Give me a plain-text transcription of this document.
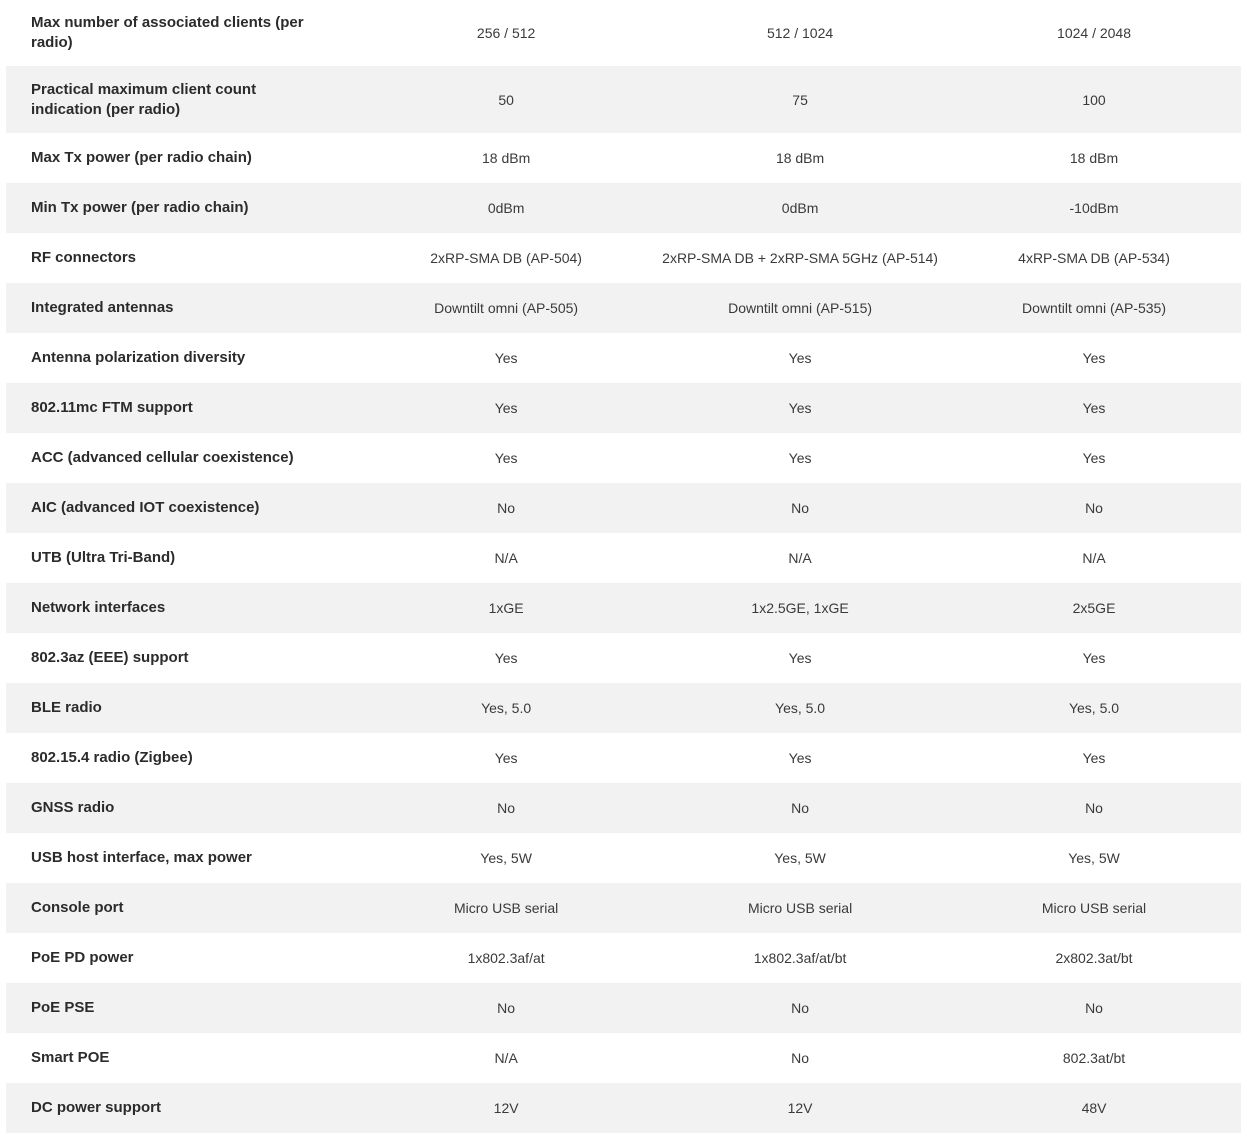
Max number of associated clients (per radio)
256 / 512	512 / 1024	1024 / 2048
Practical maximum client count indication (per radio)
50	75	100
Max Tx power (per radio chain)	18 dBm	18 dBm	18 dBm
Min Tx power (per radio chain)	0dBm	0dBm	-10dBm
RF connectors	2xRP-SMA DB (AP-504)	2xRP-SMA DB + 2xRP-SMA 5GHz (AP-514)	4xRP-SMA DB (AP-534)
Integrated antennas	Downtilt omni (AP-505)	Downtilt omni (AP-515)	Downtilt omni (AP-535)
Antenna polarization diversity	Yes	Yes	Yes
802.11mc FTM support	Yes	Yes	Yes
ACC (advanced cellular coexistence)	Yes	Yes	Yes
AIC (advanced IOT coexistence)	No	No	No
UTB (Ultra Tri-Band)	N/A	N/A	N/A
Network interfaces	1xGE	1x2.5GE, 1xGE	2x5GE
802.3az (EEE) support	Yes	Yes	Yes
BLE radio	Yes, 5.0	Yes, 5.0	Yes, 5.0
802.15.4 radio (Zigbee)	Yes	Yes	Yes
GNSS radio	No	No	No
USB host interface, max power	Yes, 5W	Yes, 5W	Yes, 5W
Console port	Micro USB serial	Micro USB serial	Micro USB serial
PoE PD power	1x802.3af/at	1x802.3af/at/bt	2x802.3at/bt
PoE PSE	No	No	No
Smart POE	N/A	No	802.3at/bt
DC power support	12V	12V	48V
